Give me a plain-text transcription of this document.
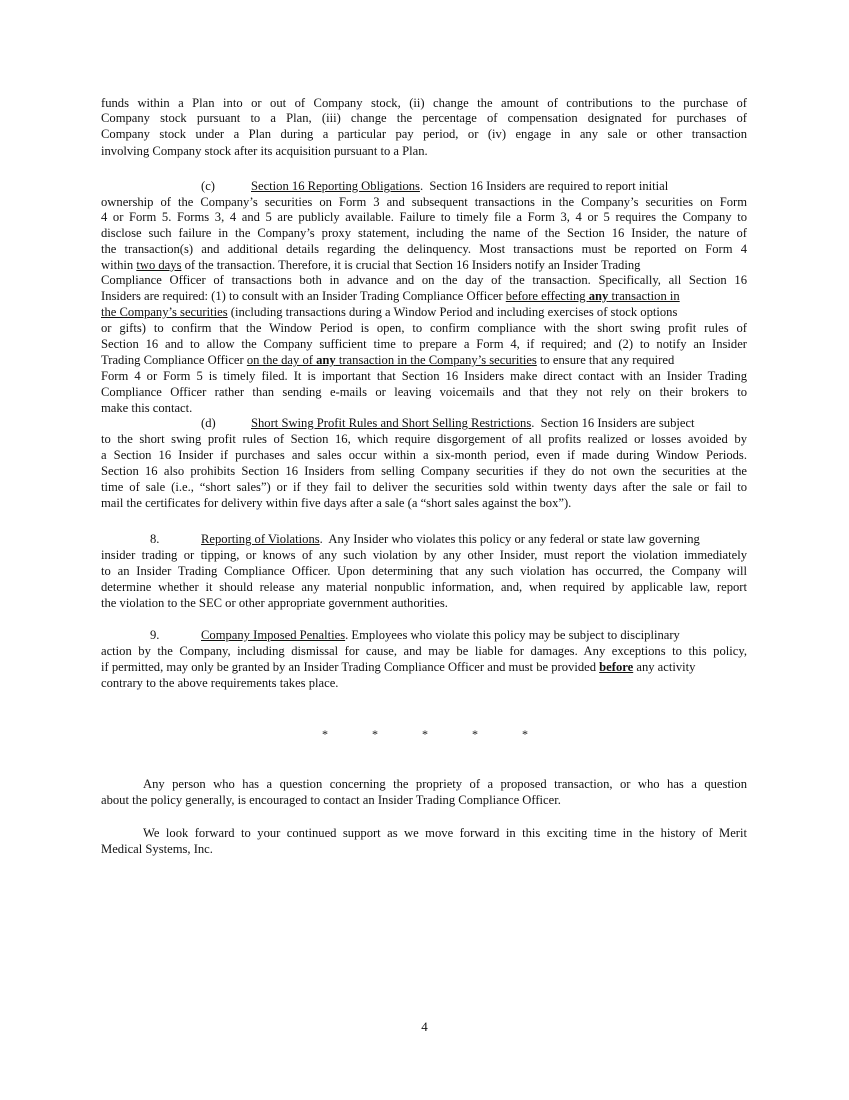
funds within a Plan into or out of Company stock, (ii) change the amount of contributions to the purchase of

Company stock pursuant to a Plan, (iii) change the percentage of compensation designated for purchases of

Company stock under a Plan during a particular pay period, or (iv) engage in any sale or other transaction

involving Company stock after its acquisition pursuant to a Plan.

(c)	Section 16 Reporting Obligations.  Section 16 Insiders are required to report initial

ownership of the Company’s securities on Form 3 and subsequent transactions in the Company’s securities on Form

4 or Form 5. Forms 3, 4 and 5 are publicly available. Failure to timely file a Form 3, 4 or 5 requires the Company to

disclose such failure in the Company’s proxy statement, including the name of the Section 16 Insider, the nature of

the transaction(s) and additional details regarding the delinquency. Most transactions must be reported on Form 4

within two days of the transaction. Therefore, it is crucial that Section 16 Insiders notify an Insider Trading

Compliance Officer of transactions both in advance and on the day of the transaction. Specifically, all Section 16

Insiders are required: (1) to consult with an Insider Trading Compliance Officer before effecting any transaction in

the Company’s securities (including transactions during a Window Period and including exercises of stock options

or gifts) to confirm that the Window Period is open, to confirm compliance with the short swing profit rules of

Section 16 and to allow the Company sufficient time to prepare a Form 4, if required; and (2) to notify an Insider

Trading Compliance Officer on the day of any transaction in the Company’s securities to ensure that any required

Form 4 or Form 5 is timely filed. It is important that Section 16 Insiders make direct contact with an Insider Trading

Compliance Officer rather than sending e-mails or leaving voicemails and that they not rely on their brokers to

make this contact.

(d)	Short Swing Profit Rules and Short Selling Restrictions.  Section 16 Insiders are subject

to the short swing profit rules of Section 16, which require disgorgement of all profits realized or losses avoided by

a Section 16 Insider if purchases and sales occur within a six-month period, even if made during Window Periods.

Section 16 also prohibits Section 16 Insiders from selling Company securities if they do not own the securities at the

time of sale (i.e., “short sales”) or if they fail to deliver the securities sold within twenty days after the sale or fail to

mail the certificates for delivery within five days after a sale (a “short sales against the box”).

8.	Reporting of Violations.  Any Insider who violates this policy or any federal or state law governing

insider trading or tipping, or knows of any such violation by any other Insider, must report the violation immediately

to an Insider Trading Compliance Officer. Upon determining that any such violation has occurred, the Company will

determine whether it should release any material nonpublic information, and, when required by applicable law, report

the violation to the SEC or other appropriate government authorities.

9.	Company Imposed Penalties. Employees who violate this policy may be subject to disciplinary

action by the Company, including dismissal for cause, and may be liable for damages. Any exceptions to this policy,

if permitted, may only be granted by an Insider Trading Compliance Officer and must be provided before any activity

contrary to the above requirements takes place.

*	*	*	*	*

Any person who has a question concerning the propriety of a proposed transaction, or who has a question

about the policy generally, is encouraged to contact an Insider Trading Compliance Officer.

We look forward to your continued support as we move forward in this exciting time in the history of Merit

Medical Systems, Inc.

4
